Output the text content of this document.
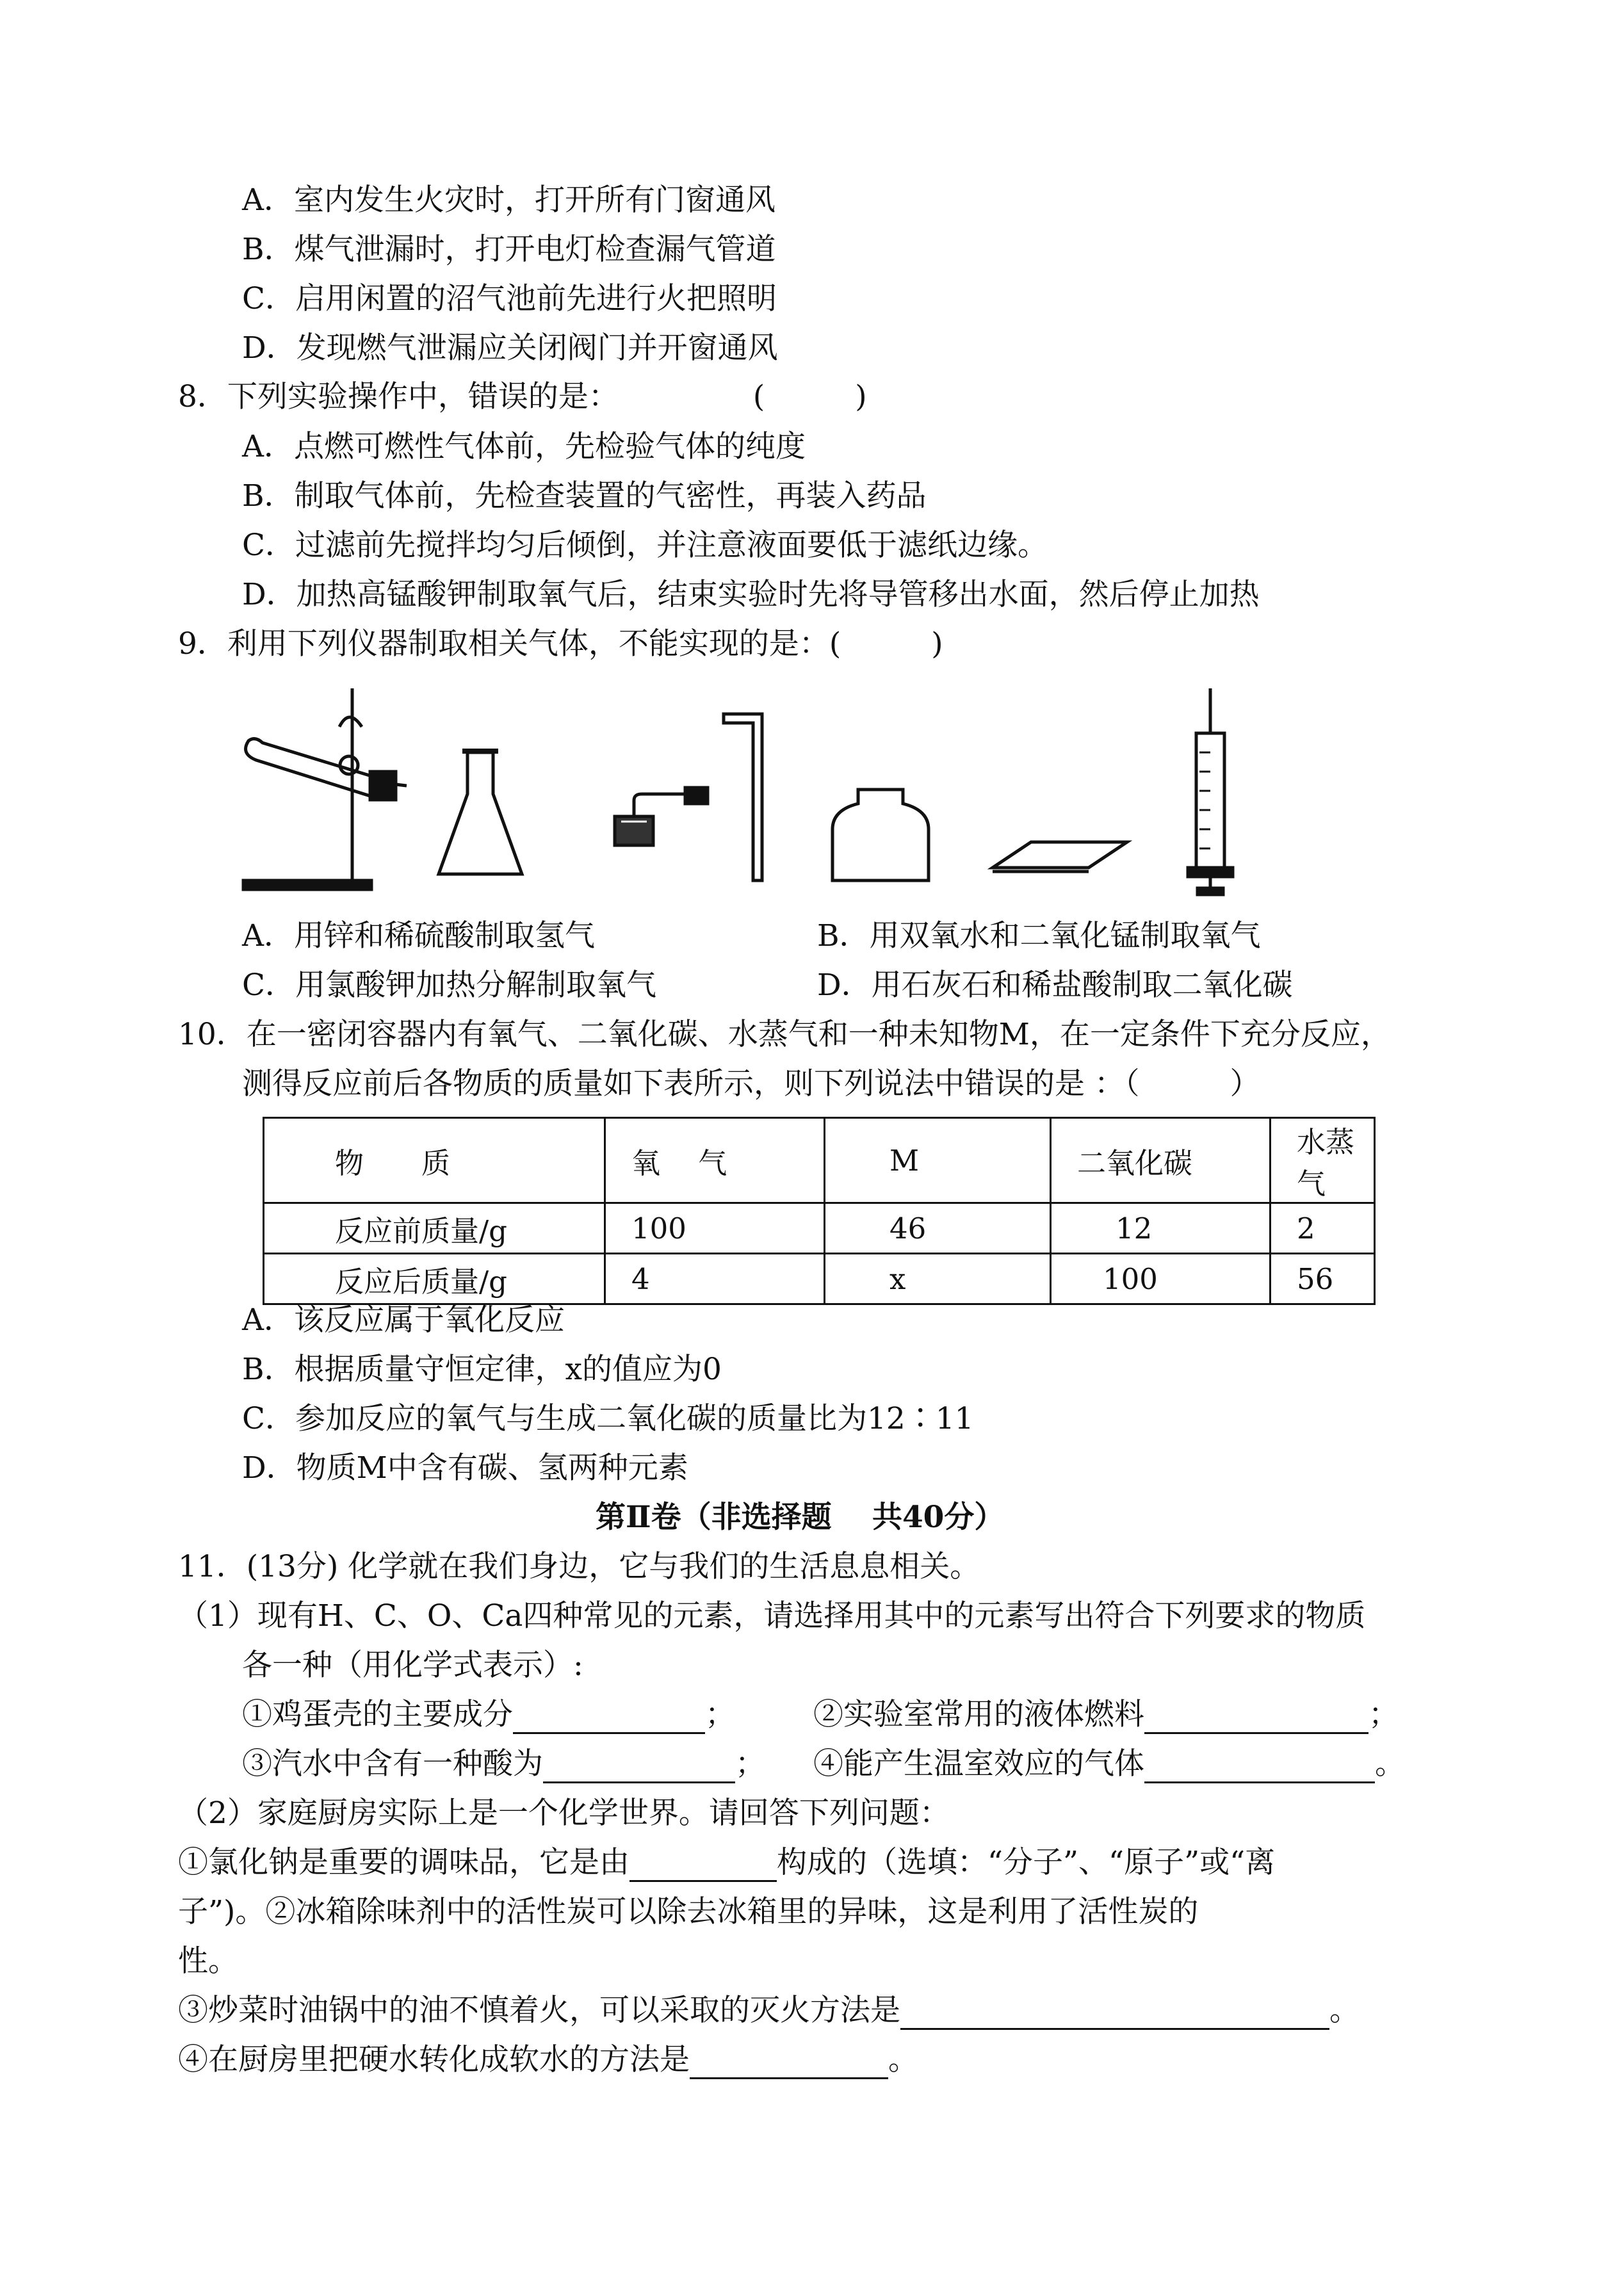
A．室内发生火灾时，打开所有门窗通风
B．煤气泄漏时，打开电灯检查漏气管道
C．启用闲置的沼气池前先进行火把照明
D．发现燃气泄漏应关闭阀门并开窗通风
8．下列实验操作中，错误的是：	(　　　)
A．点燃可燃性气体前，先检验气体的纯度
B．制取气体前，先检查装置的气密性，再装入药品
C．过滤前先搅拌均匀后倾倒，并注意液面要低于滤纸边缘。
D．加热高锰酸钾制取氧气后，结束实验时先将导管移出水面，然后停止加热
9．利用下列仪器制取相关气体，不能实现的是：(　　　)
A．用锌和稀硫酸制取氢气	B．用双氧水和二氧化锰制取氧气
C．用氯酸钾加热分解制取氧气	D．用石灰石和稀盐酸制取二氧化碳
10．在一密闭容器内有氧气、二氧化碳、水蒸气和一种未知物M，在一定条件下充分反应，
测得反应前后各物质的质量如下表所示，则下列说法中错误的是 ：（　　　）
物　　质	氧　 气	M	二氧化碳	水蒸气
反应前质量/g	100	46	12	2
反应后质量/g	4	x	100	56
A．该反应属于氧化反应
B．根据质量守恒定律，x的值应为0
C．参加反应的氧气与生成二氧化碳的质量比为12∶11
D．物质M中含有碳、氢两种元素
第Ⅱ卷（非选择题　 共40分）
11．(13分) 化学就在我们身边，它与我们的生活息息相关。
（1）现有H、C、O、Ca四种常见的元素，请选择用其中的元素写出符合下列要求的物质
各一种（用化学式表示）:
①鸡蛋壳的主要成分	；	②实验室常用的液体燃料	；
③汽水中含有一种酸为	； ④能产生温室效应的气体	。
（2）家庭厨房实际上是一个化学世界。请回答下列问题：
①氯化钠是重要的调味品，它是由	构成的（选填：“分子”、“原子”或“离
子”)。②冰箱除味剂中的活性炭可以除去冰箱里的异味，这是利用了活性炭的
性。
③炒菜时油锅中的油不慎着火，可以采取的灭火方法是	。
④在厨房里把硬水转化成软水的方法是	。
